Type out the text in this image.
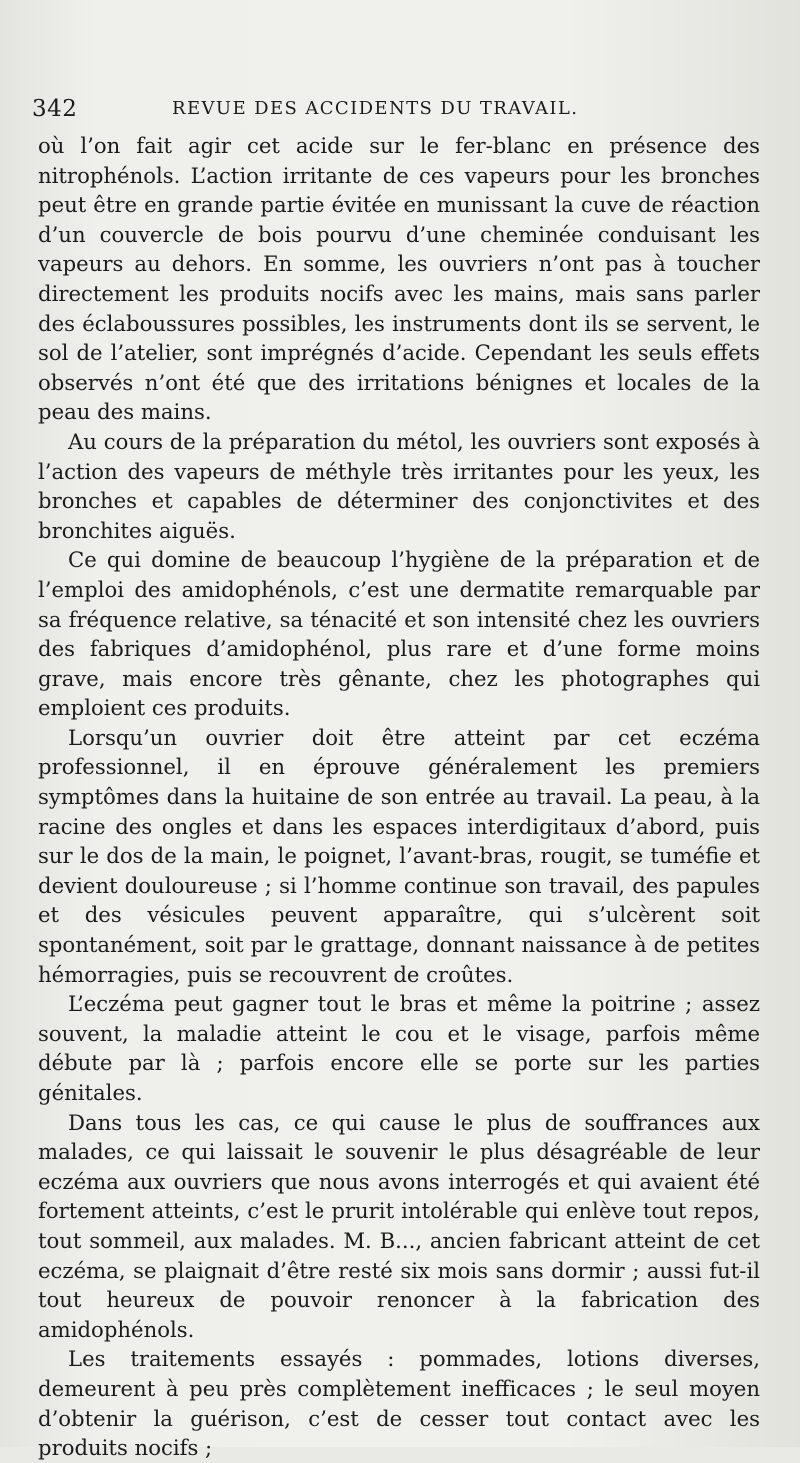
342	REVUE DES ACCIDENTS DU TRAVAIL.

où l’on fait agir cet acide sur le fer-blanc en présence des nitrophénols. L’action irritante de ces vapeurs pour les bronches peut être en grande partie évitée en munissant la cuve de réaction d’un couvercle de bois pourvu d’une cheminée conduisant les vapeurs au dehors. En somme, les ouvriers n’ont pas à toucher directement les produits nocifs avec les mains, mais sans parler des éclaboussures possibles, les instruments dont ils se servent, le sol de l’atelier, sont imprégnés d’acide. Cependant les seuls effets observés n’ont été que des irritations bénignes et locales de la peau des mains.

Au cours de la préparation du métol, les ouvriers sont exposés à l’action des vapeurs de méthyle très irritantes pour les yeux, les bronches et capables de déterminer des conjonctivites et des bronchites aiguës.

Ce qui domine de beaucoup l’hygiène de la préparation et de l’emploi des amidophénols, c’est une dermatite remarquable par sa fréquence relative, sa ténacité et son intensité chez les ouvriers des fabriques d’amidophénol, plus rare et d’une forme moins grave, mais encore très gênante, chez les photographes qui emploient ces produits.

Lorsqu’un ouvrier doit être atteint par cet eczéma professionnel, il en éprouve généralement les premiers symptômes dans la huitaine de son entrée au travail. La peau, à la racine des ongles et dans les espaces interdigitaux d’abord, puis sur le dos de la main, le poignet, l’avant-bras, rougit, se tuméfie et devient douloureuse ; si l’homme continue son travail, des papules et des vésicules peuvent apparaître, qui s’ulcèrent soit spontanément, soit par le grattage, donnant naissance à de petites hémorragies, puis se recouvrent de croûtes.

L’eczéma peut gagner tout le bras et même la poitrine ; assez souvent, la maladie atteint le cou et le visage, parfois même débute par là ; parfois encore elle se porte sur les parties génitales.

Dans tous les cas, ce qui cause le plus de souffrances aux malades, ce qui laissait le souvenir le plus désagréable de leur eczéma aux ouvriers que nous avons interrogés et qui avaient été fortement atteints, c’est le prurit intolérable qui enlève tout repos, tout sommeil, aux malades. M. B..., ancien fabricant atteint de cet eczéma, se plaignait d’être resté six mois sans dormir ; aussi fut-il tout heureux de pouvoir renoncer à la fabrication des amidophénols.

Les traitements essayés : pommades, lotions diverses, demeurent à peu près complètement inefficaces ; le seul moyen d’obtenir la guérison, c’est de cesser tout contact avec les produits nocifs ;
